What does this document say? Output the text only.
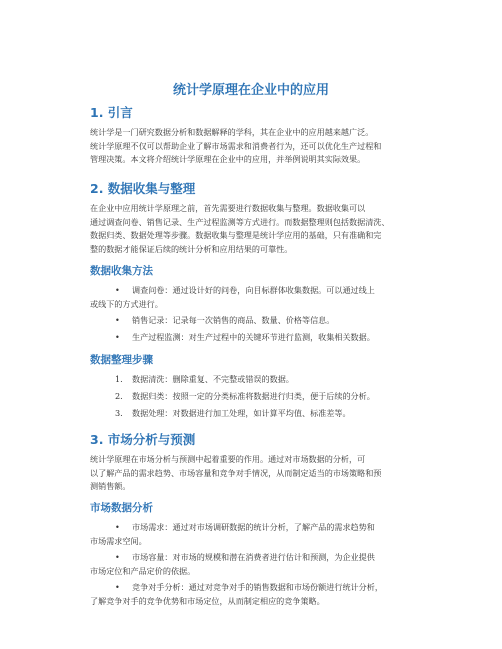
统计学原理在企业中的应用
1. 引言
统计学是一门研究数据分析和数据解释的学科，其在企业中的应用越来越广泛。
统计学原理不仅可以帮助企业了解市场需求和消费者行为，还可以优化生产过程和
管理决策。本文将介绍统计学原理在企业中的应用，并举例说明其实际效果。
2. 数据收集与整理
在企业中应用统计学原理之前，首先需要进行数据收集与整理。数据收集可以
通过调查问卷、销售记录、生产过程监测等方式进行。而数据整理则包括数据清洗、
数据归类、数据处理等步骤。数据收集与整理是统计学应用的基础，只有准确和完
整的数据才能保证后续的统计分析和应用结果的可靠性。
数据收集方法
•	调查问卷：通过设计好的问卷，向目标群体收集数据。可以通过线上
或线下的方式进行。
•	销售记录：记录每一次销售的商品、数量、价格等信息。
•	生产过程监测：对生产过程中的关键环节进行监测，收集相关数据。
数据整理步骤
1.	数据清洗：删除重复、不完整或错误的数据。
2.	数据归类：按照一定的分类标准将数据进行归类，便于后续的分析。
3.	数据处理：对数据进行加工处理，如计算平均值、标准差等。
3. 市场分析与预测
统计学原理在市场分析与预测中起着重要的作用。通过对市场数据的分析，可
以了解产品的需求趋势、市场容量和竞争对手情况，从而制定适当的市场策略和预
测销售额。
市场数据分析
•	市场需求：通过对市场调研数据的统计分析，了解产品的需求趋势和
市场需求空间。
•	市场容量：对市场的规模和潜在消费者进行估计和预测，为企业提供
市场定位和产品定价的依据。
•	竞争对手分析：通过对竞争对手的销售数据和市场份额进行统计分析，
了解竞争对手的竞争优势和市场定位，从而制定相应的竞争策略。
